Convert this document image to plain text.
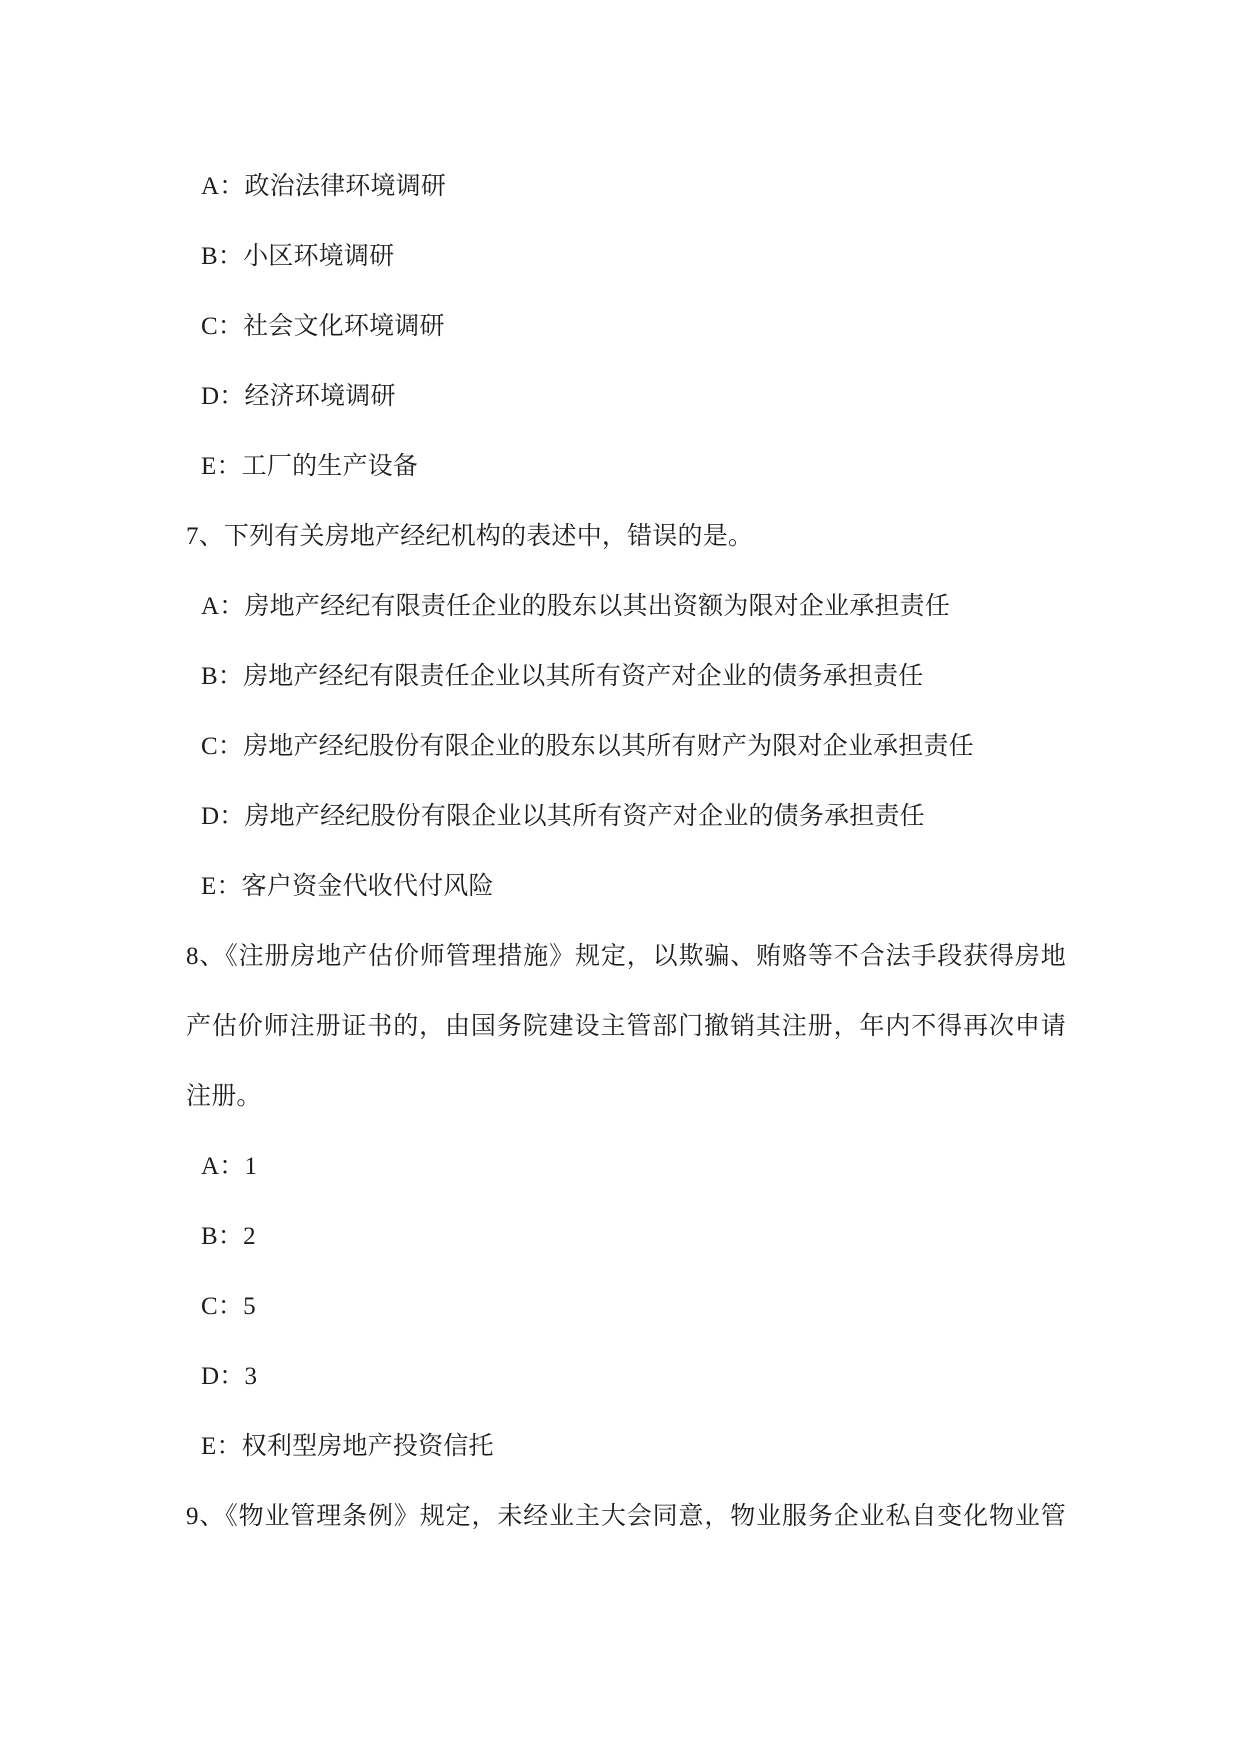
A：政治法律环境调研
B：小区环境调研
C：社会文化环境调研
D：经济环境调研
E：工厂的生产设备
7、下列有关房地产经纪机构的表述中，错误的是。
A：房地产经纪有限责任企业的股东以其出资额为限对企业承担责任
B：房地产经纪有限责任企业以其所有资产对企业的债务承担责任
C：房地产经纪股份有限企业的股东以其所有财产为限对企业承担责任
D：房地产经纪股份有限企业以其所有资产对企业的债务承担责任
E：客户资金代收代付风险
8、《注册房地产估价师管理措施》规定，以欺骗、贿赂等不合法手段获得房地
产估价师注册证书的，由国务院建设主管部门撤销其注册，年内不得再次申请
注册。
A：1
B：2
C：5
D：3
E：权利型房地产投资信托
9、《物业管理条例》规定，未经业主大会同意，物业服务企业私自变化物业管
